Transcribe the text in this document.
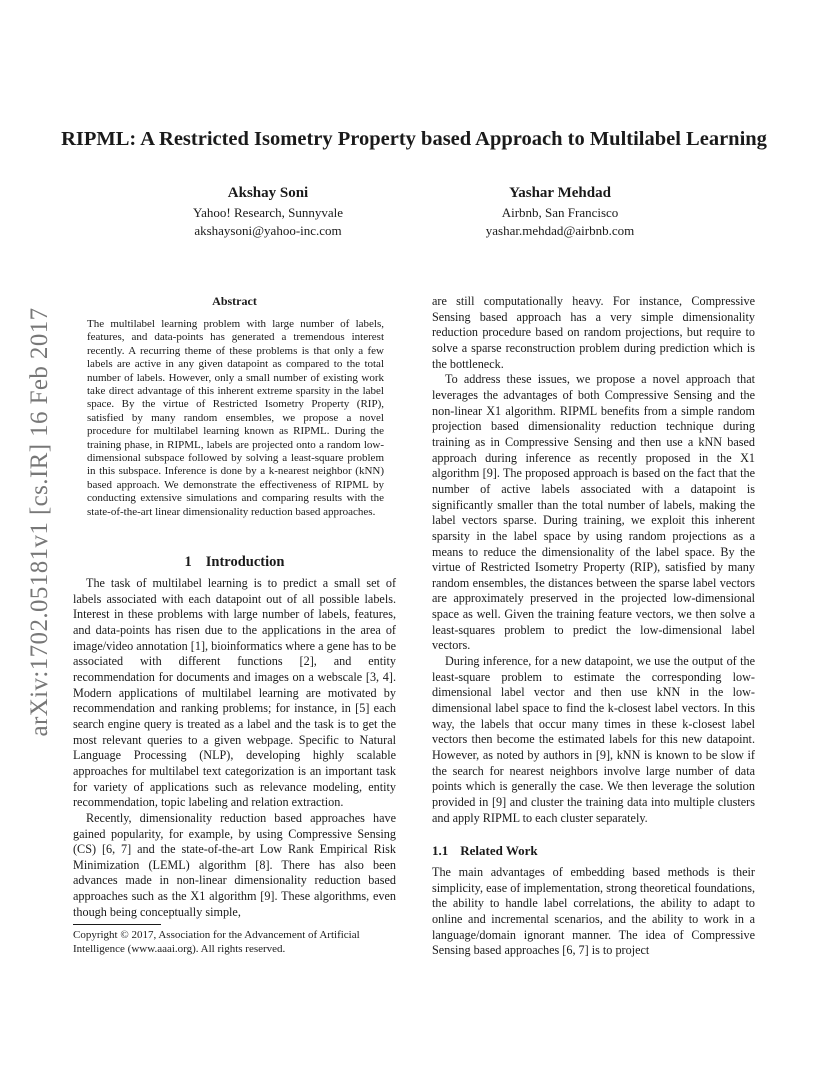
arXiv:1702.05181v1 [cs.IR] 16 Feb 2017
RIPML: A Restricted Isometry Property based Approach to Multilabel Learning
Akshay Soni
Yahoo! Research, Sunnyvale
akshaysoni@yahoo-inc.com
Yashar Mehdad
Airbnb, San Francisco
yashar.mehdad@airbnb.com
Abstract

The multilabel learning problem with large number of labels, features, and data-points has generated a tremendous interest recently. A recurring theme of these problems is that only a few labels are active in any given datapoint as compared to the total number of labels. However, only a small number of existing work take direct advantage of this inherent extreme sparsity in the label space. By the virtue of Restricted Isometry Property (RIP), satisfied by many random ensembles, we propose a novel procedure for multilabel learning known as RIPML. During the training phase, in RIPML, labels are projected onto a random low-dimensional subspace followed by solving a least-square problem in this subspace. Inference is done by a k-nearest neighbor (kNN) based approach. We demonstrate the effectiveness of RIPML by conducting extensive simulations and comparing results with the state-of-the-art linear dimensionality reduction based approaches.

1 Introduction

The task of multilabel learning is to predict a small set of labels associated with each datapoint out of all possible labels. Interest in these problems with large number of labels, features, and data-points has risen due to the applications in the area of image/video annotation [1], bioinformatics where a gene has to be associated with different functions [2], and entity recommendation for documents and images on a webscale [3, 4]. Modern applications of multilabel learning are motivated by recommendation and ranking problems; for instance, in [5] each search engine query is treated as a label and the task is to get the most relevant queries to a given webpage. Specific to Natural Language Processing (NLP), developing highly scalable approaches for multilabel text categorization is an important task for variety of applications such as relevance modeling, entity recommendation, topic labeling and relation extraction.

Recently, dimensionality reduction based approaches have gained popularity, for example, by using Compressive Sensing (CS) [6, 7] and the state-of-the-art Low Rank Empirical Risk Minimization (LEML) algorithm [8]. There has also been advances made in non-linear dimensionality reduction based approaches such as the X1 algorithm [9]. These algorithms, even though being conceptually simple,

Copyright © 2017, Association for the Advancement of Artificial Intelligence (www.aaai.org). All rights reserved.

are still computationally heavy. For instance, Compressive Sensing based approach has a very simple dimensionality reduction procedure based on random projections, but require to solve a sparse reconstruction problem during prediction which is the bottleneck.

To address these issues, we propose a novel approach that leverages the advantages of both Compressive Sensing and the non-linear X1 algorithm. RIPML benefits from a simple random projection based dimensionality reduction technique during training as in Compressive Sensing and then use a kNN based approach during inference as recently proposed in the X1 algorithm [9]. The proposed approach is based on the fact that the number of active labels associated with a datapoint is significantly smaller than the total number of labels, making the label vectors sparse. During training, we exploit this inherent sparsity in the label space by using random projections as a means to reduce the dimensionality of the label space. By the virtue of Restricted Isometry Property (RIP), satisfied by many random ensembles, the distances between the sparse label vectors are approximately preserved in the projected low-dimensional space as well. Given the training feature vectors, we then solve a least-squares problem to predict the low-dimensional label vectors.

During inference, for a new datapoint, we use the output of the least-square problem to estimate the corresponding low-dimensional label vector and then use kNN in the low-dimensional label space to find the k-closest label vectors. In this way, the labels that occur many times in these k-closest label vectors then become the estimated labels for this new datapoint. However, as noted by authors in [9], kNN is known to be slow if the search for nearest neighbors involve large number of data points which is generally the case. We then leverage the solution provided in [9] and cluster the training data into multiple clusters and apply RIPML to each cluster separately.

1.1 Related Work

The main advantages of embedding based methods is their simplicity, ease of implementation, strong theoretical foundations, the ability to handle label correlations, the ability to adapt to online and incremental scenarios, and the ability to work in a language/domain ignorant manner. The idea of Compressive Sensing based approaches [6, 7] is to project
